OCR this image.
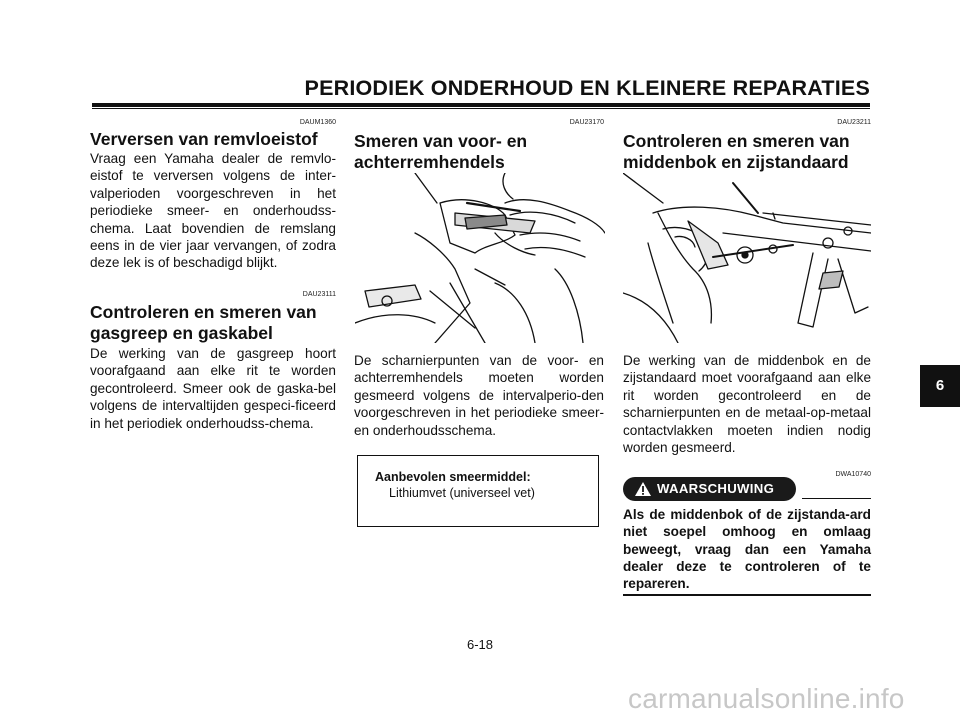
PERIODIEK ONDERHOUD EN KLEINERE REPARATIES
DAUM1360
Verversen van remvloeistof
Vraag een Yamaha dealer de remvlo-eistof te verversen volgens de inter-valperioden voorgeschreven in het periodieke smeer- en onderhoudss-chema. Laat bovendien de remslang eens in de vier jaar vervangen, of zodra deze lek is of beschadigd blijkt.
DAU23111
Controleren en smeren van
gasgreep en gaskabel
De werking van de gasgreep hoort voorafgaand aan elke rit te worden gecontroleerd. Smeer ook de gaska-bel volgens de intervaltijden gespeci-ficeerd in het periodiek onderhoudss-chema.
DAU23170
Smeren van voor- en
achterremhendels
De scharnierpunten van de voor- en achterremhendels moeten worden gesmeerd volgens de intervalperio-den voorgeschreven in het periodieke smeer- en onderhoudsschema.
Aanbevolen smeermiddel:
Lithiumvet (universeel vet)
DAU23211
Controleren en smeren van
middenbok en zijstandaard
De werking van de middenbok en de zijstandaard moet voorafgaand aan elke rit worden gecontroleerd en de scharnierpunten en de metaal-op-metaal contactvlakken moeten indien nodig worden gesmeerd.
DWA10740
WAARSCHUWING
Als de middenbok of de zijstanda-ard niet soepel omhoog en omlaag beweegt, vraag dan een Yamaha dealer deze te controleren of te repareren.
6
6-18
carmanualsonline.info
